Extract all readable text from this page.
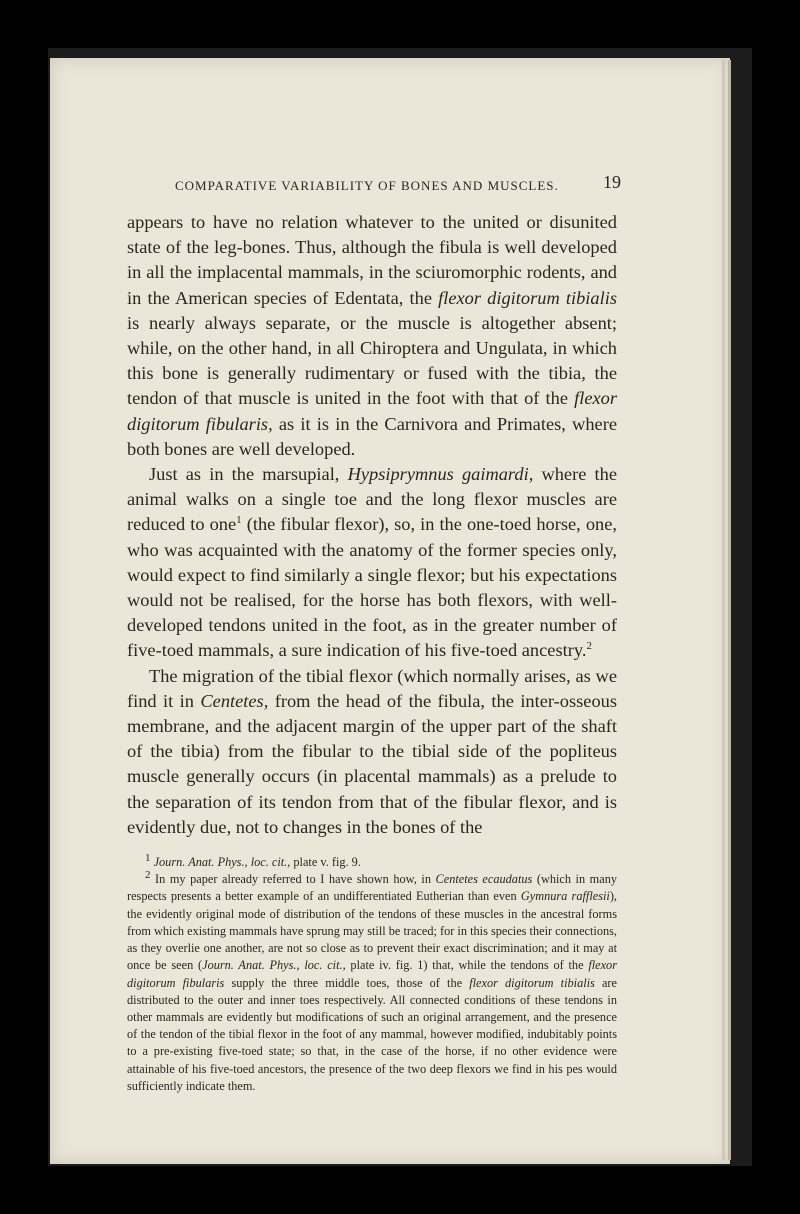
COMPARATIVE VARIABILITY OF BONES AND MUSCLES. 19

appears to have no relation whatever to the united or disunited state of the leg-bones. Thus, although the fibula is well developed in all the implacental mammals, in the sciuromorphic rodents, and in the American species of Edentata, the flexor digitorum tibialis is nearly always separate, or the muscle is altogether absent; while, on the other hand, in all Chiroptera and Ungulata, in which this bone is generally rudimentary or fused with the tibia, the tendon of that muscle is united in the foot with that of the flexor digitorum fibularis, as it is in the Carnivora and Primates, where both bones are well developed.

Just as in the marsupial, Hypsiprymnus gaimardi, where the animal walks on a single toe and the long flexor muscles are reduced to one$^1$ (the fibular flexor), so, in the one-toed horse, one, who was acquainted with the anatomy of the former species only, would expect to find similarly a single flexor; but his expectations would not be realised, for the horse has both flexors, with well-developed tendons united in the foot, as in the greater number of five-toed mammals, a sure indication of his five-toed ancestry.$^2$

The migration of the tibial flexor (which normally arises, as we find it in Centetes, from the head of the fibula, the inter-osseous membrane, and the adjacent margin of the upper part of the shaft of the tibia) from the fibular to the tibial side of the popliteus muscle generally occurs (in placental mammals) as a prelude to the separation of its tendon from that of the fibular flexor, and is evidently due, not to changes in the bones of the

$^1$ Journ. Anat. Phys., loc. cit., plate v. fig. 9.

$^2$ In my paper already referred to I have shown how, in Centetes ecaudatus (which in many respects presents a better example of an undifferentiated Eutherian than even Gymnura rafflesii), the evidently original mode of distribution of the tendons of these muscles in the ancestral forms from which existing mammals have sprung may still be traced; for in this species their connections, as they overlie one another, are not so close as to prevent their exact discrimination; and it may at once be seen (Journ. Anat. Phys., loc. cit., plate iv. fig. 1) that, while the tendons of the flexor digitorum fibularis supply the three middle toes, those of the flexor digitorum tibialis are distributed to the outer and inner toes respectively. All connected conditions of these tendons in other mammals are evidently but modifications of such an original arrangement, and the presence of the tendon of the tibial flexor in the foot of any mammal, however modified, indubitably points to a pre-existing five-toed state; so that, in the case of the horse, if no other evidence were attainable of his five-toed ancestors, the presence of the two deep flexors we find in his pes would sufficiently indicate them.
